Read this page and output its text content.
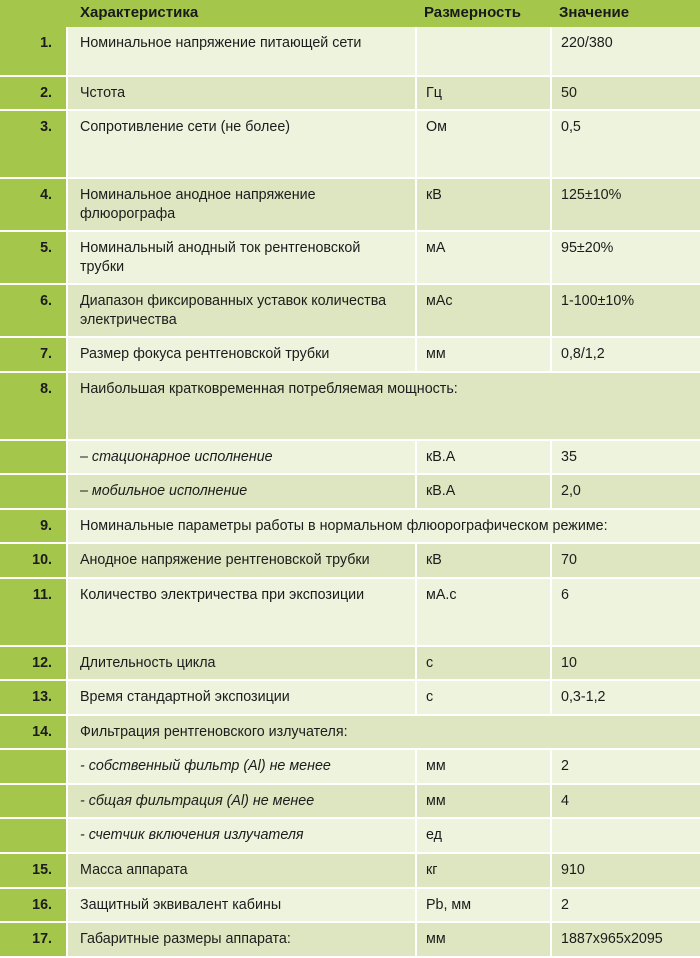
	Характеристика	Размерность	Значение
1.	Номинальное напряжение питающей сети		220/380
2.	Чстота	Гц	50
3.	Сопротивление сети (не более)	Ом	0,5
4.	Номинальное анодное напряжение флюорографа	кВ	125±10%
5.	Номинальный анодный ток рентгеновской трубки	мА	95±20%
6.	Диапазон фиксированных уставок количества электричества	мАс	1-100±10%
7.	Размер фокуса рентгеновской трубки	мм	0,8/1,2
8.	Наибольшая кратковременная потребляемая мощность:		
	– стационарное исполнение	кВ.А	35
	– мобильное исполнение	кВ.А	2,0
9.	Номинальные параметры работы в нормальном флюорографическом режиме:		
10.	Анодное напряжение рентгеновской трубки	кВ	70
11.	Количество электричества при экспозиции	мА.с	6
12.	Длительность цикла	с	10
13.	Время стандартной экспозиции	с	0,3-1,2
14.	Фильтрация рентгеновского излучателя:		
	- собственный фильтр (Al) не менее	мм	2
	- сбщая фильтрация (Al) не менее	мм	4
	- счетчик включения излучателя	ед	
15.	Масса аппарата	кг	910
16.	Защитный эквивалент кабины	Pb, мм	2
17.	Габаритные размеры аппарата:	мм	1887x965x2095
